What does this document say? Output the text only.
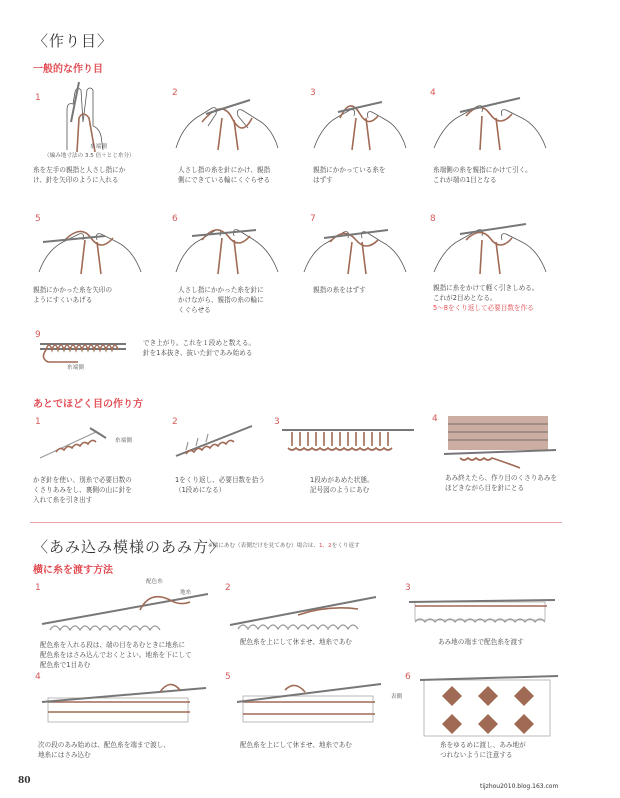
〈作り目〉
一般的な作り目
1
糸端側
（編み地寸法の 3.5 倍＋とじ糸分）
糸を左手の親指と人さし指にか
け、針を矢印のように入れる
2
人さし指の糸を針にかけ、親指
側にできている輪にくぐらせる
3
親指にかかっている糸を
はずす
4
糸端側の糸を親指にかけて引く。
これが端の1目となる
5
親指にかかった糸を矢印の
ようにすくいあげる
6
人さし指にかかった糸を針に
かけながら、親指の糸の輪に
くぐらせる
7
親指の糸をはずす
8
親指に糸をかけて軽く引きしめる。
これが2目めとなる。
5〜8をくり返して必要目数を作る
9
糸端側
でき上がり。これを１段めと数える。
針を1本抜き、抜いた針であみ始める
あとでほどく目の作り方
1
糸端側
かぎ針を使い、別糸で必要目数の
くさりあみをし、裏側の山に針を
入れて糸を引き出す
2
1をくり返し、必要目数を拾う
（1段めになる）
3
1段めがあめた状態。
記号図のようにあむ
4
あみ終えたら、作り目のくさりあみを
ほどきながら目を針にとる
〈あみ込み模様のあみ方〉
※輪にあむ（表側だけを見てあむ）場合は、1、2をくり返す
横に糸を渡す方法
1
配色糸
地糸
配色糸を入れる段は、端の目をあむときに地糸に
配色糸をはさみ込んでおくとよい。地糸を下にして
配色糸で1目あむ
2
配色糸を上にして休ませ、地糸であむ
3
あみ地の端まで配色糸を渡す
4
次の段のあみ始めは、配色糸を端まで渡し、
地糸にはさみ込む
5
配色糸を上にして休ませ、地糸であむ
6
表側
糸をゆるめに渡し、あみ地が
つれないように注意する
80
tijzhou2010.blog.163.com
